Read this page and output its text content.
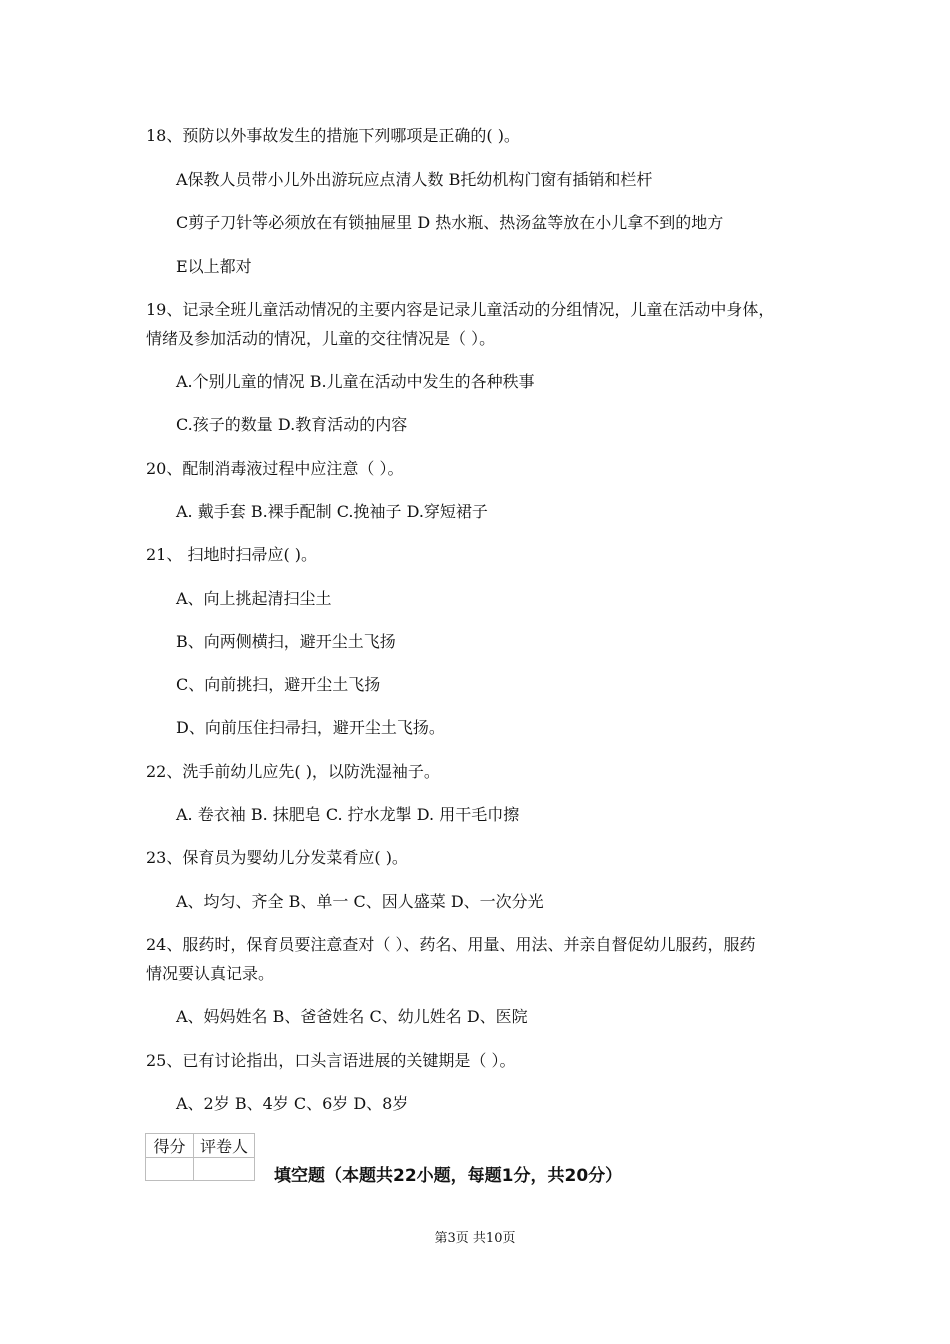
18、预防以外事故发生的措施下列哪项是正确的( )。
A保教人员带小儿外出游玩应点清人数 B托幼机构门窗有插销和栏杆
C剪子刀针等必须放在有锁抽屉里 D 热水瓶、热汤盆等放在小儿拿不到的地方
E以上都对
19、记录全班儿童活动情况的主要内容是记录儿童活动的分组情况，儿童在活动中身体，
情绪及参加活动的情况，儿童的交往情况是（ ）。
A.个别儿童的情况 B.儿童在活动中发生的各种秩事
C.孩子的数量 D.教育活动的内容
20、配制消毒液过程中应注意（ ）。
A. 戴手套 B.裸手配制 C.挽袖子 D.穿短裙子
21、 扫地时扫帚应( )。
A、向上挑起清扫尘土
B、向两侧横扫，避开尘土飞扬
C、向前挑扫，避开尘土飞扬
D、向前压住扫帚扫，避开尘土飞扬。
22、洗手前幼儿应先( )，以防洗湿袖子。
A. 卷衣袖 B. 抹肥皂 C. 拧水龙掣 D. 用干毛巾擦
23、保育员为婴幼儿分发菜肴应( )。
A、均匀、齐全 B、单一 C、因人盛菜 D、一次分光
24、服药时，保育员要注意查对（ ）、药名、用量、用法、并亲自督促幼儿服药，服药
情况要认真记录。
A、妈妈姓名 B、爸爸姓名 C、幼儿姓名 D、医院
25、已有讨论指出，口头言语进展的关键期是（ ）。
A、2岁 B、4岁 C、6岁 D、8岁
得分	评卷人

填空题（本题共22小题，每题1分，共20分）
第3页 共10页
